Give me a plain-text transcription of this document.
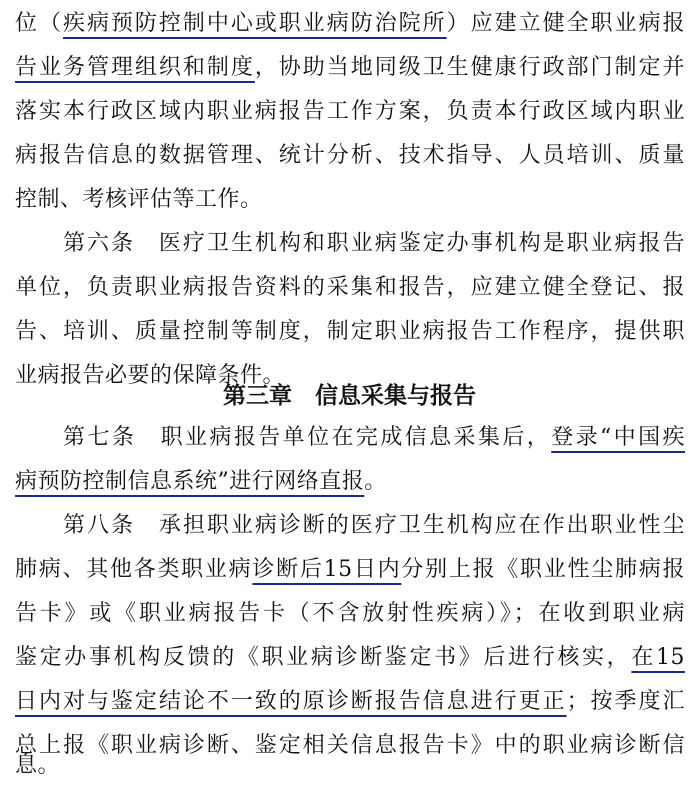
位（疾病预防控制中心或职业病防治院所）应建立健全职业病报
告业务管理组织和制度，协助当地同级卫生健康行政部门制定并
落实本行政区域内职业病报告工作方案，负责本行政区域内职业
病报告信息的数据管理、统计分析、技术指导、人员培训、质量
控制、考核评估等工作。
第六条　医疗卫生机构和职业病鉴定办事机构是职业病报告
单位，负责职业病报告资料的采集和报告，应建立健全登记、报
告、培训、质量控制等制度，制定职业病报告工作程序，提供职
业病报告必要的保障条件。
第三章　信息采集与报告
第七条　职业病报告单位在完成信息采集后，登录“中国疾
病预防控制信息系统”进行网络直报。
第八条　承担职业病诊断的医疗卫生机构应在作出职业性尘
肺病、其他各类职业病诊断后15日内分别上报《职业性尘肺病报
告卡》或《职业病报告卡（不含放射性疾病）》；在收到职业病
鉴定办事机构反馈的《职业病诊断鉴定书》后进行核实，在15
日内对与鉴定结论不一致的原诊断报告信息进行更正；按季度汇
总上报《职业病诊断、鉴定相关信息报告卡》中的职业病诊断信
息。
